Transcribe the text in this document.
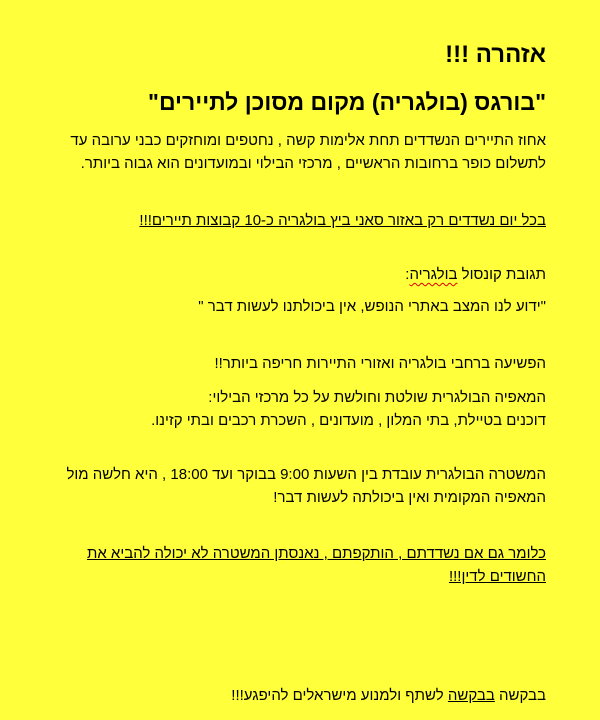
אזהרה !!!

"בורגס (בולגריה) מקום מסוכן לתיירים"

אחוז התיירים הנשדדים תחת אלימות קשה , נחטפים ומוחזקים כבני ערובה עד לתשלום כופר ברחובות הראשיים , מרכזי הבילוי ובמועדונים הוא גבוה ביותר.

בכל יום נשדדים רק באזור סאני ביץ בולגריה כ-10 קבוצות תיירים!!!

תגובת קונסול בולגריה:

"ידוע לנו המצב באתרי הנופש, אין ביכולתנו לעשות דבר "

הפשיעה ברחבי בולגריה ואזורי התיירות חריפה ביותר!!

המאפיה הבולגרית שולטת וחולשת על כל מרכזי הבילוי:

דוכנים בטיילת, בתי המלון , מועדונים , השכרת רכבים ובתי קזינו.

המשטרה הבולגרית עובדת בין השעות 9:00 בבוקר ועד 18:00 , היא חלשה מול המאפיה המקומית ואין ביכולתה לעשות דבר!

כלומר גם אם נשדדתם , הותקפתם , נאנסתן המשטרה לא יכולה להביא את החשודים לדין!!!

בבקשה בבקשה לשתף ולמנוע מישראלים להיפגע!!!
